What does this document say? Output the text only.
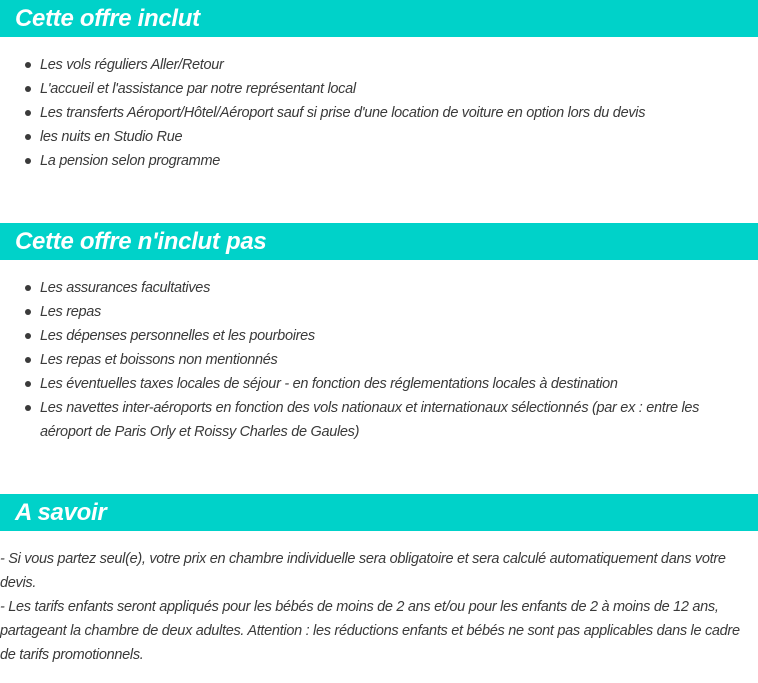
Cette offre inclut
Les vols réguliers Aller/Retour
L'accueil et l'assistance par notre représentant local
Les transferts Aéroport/Hôtel/Aéroport sauf si prise d'une location de voiture en option lors du devis
les nuits en Studio Rue
La pension selon programme
Cette offre n'inclut pas
Les assurances facultatives
Les repas
Les dépenses personnelles et les pourboires
Les repas et boissons non mentionnés
Les éventuelles taxes locales de séjour - en fonction des réglementations locales à destination
Les navettes inter-aéroports en fonction des vols nationaux et internationaux sélectionnés (par ex : entre les aéroport de Paris Orly et Roissy Charles de Gaules)
A savoir

- Si vous partez seul(e), votre prix en chambre individuelle sera obligatoire et sera calculé automatiquement dans votre devis.

- Les tarifs enfants seront appliqués pour les bébés de moins de 2 ans et/ou pour les enfants de 2 à moins de 12 ans, partageant la chambre de deux adultes. Attention : les réductions enfants et bébés ne sont pas applicables dans le cadre de tarifs promotionnels.
